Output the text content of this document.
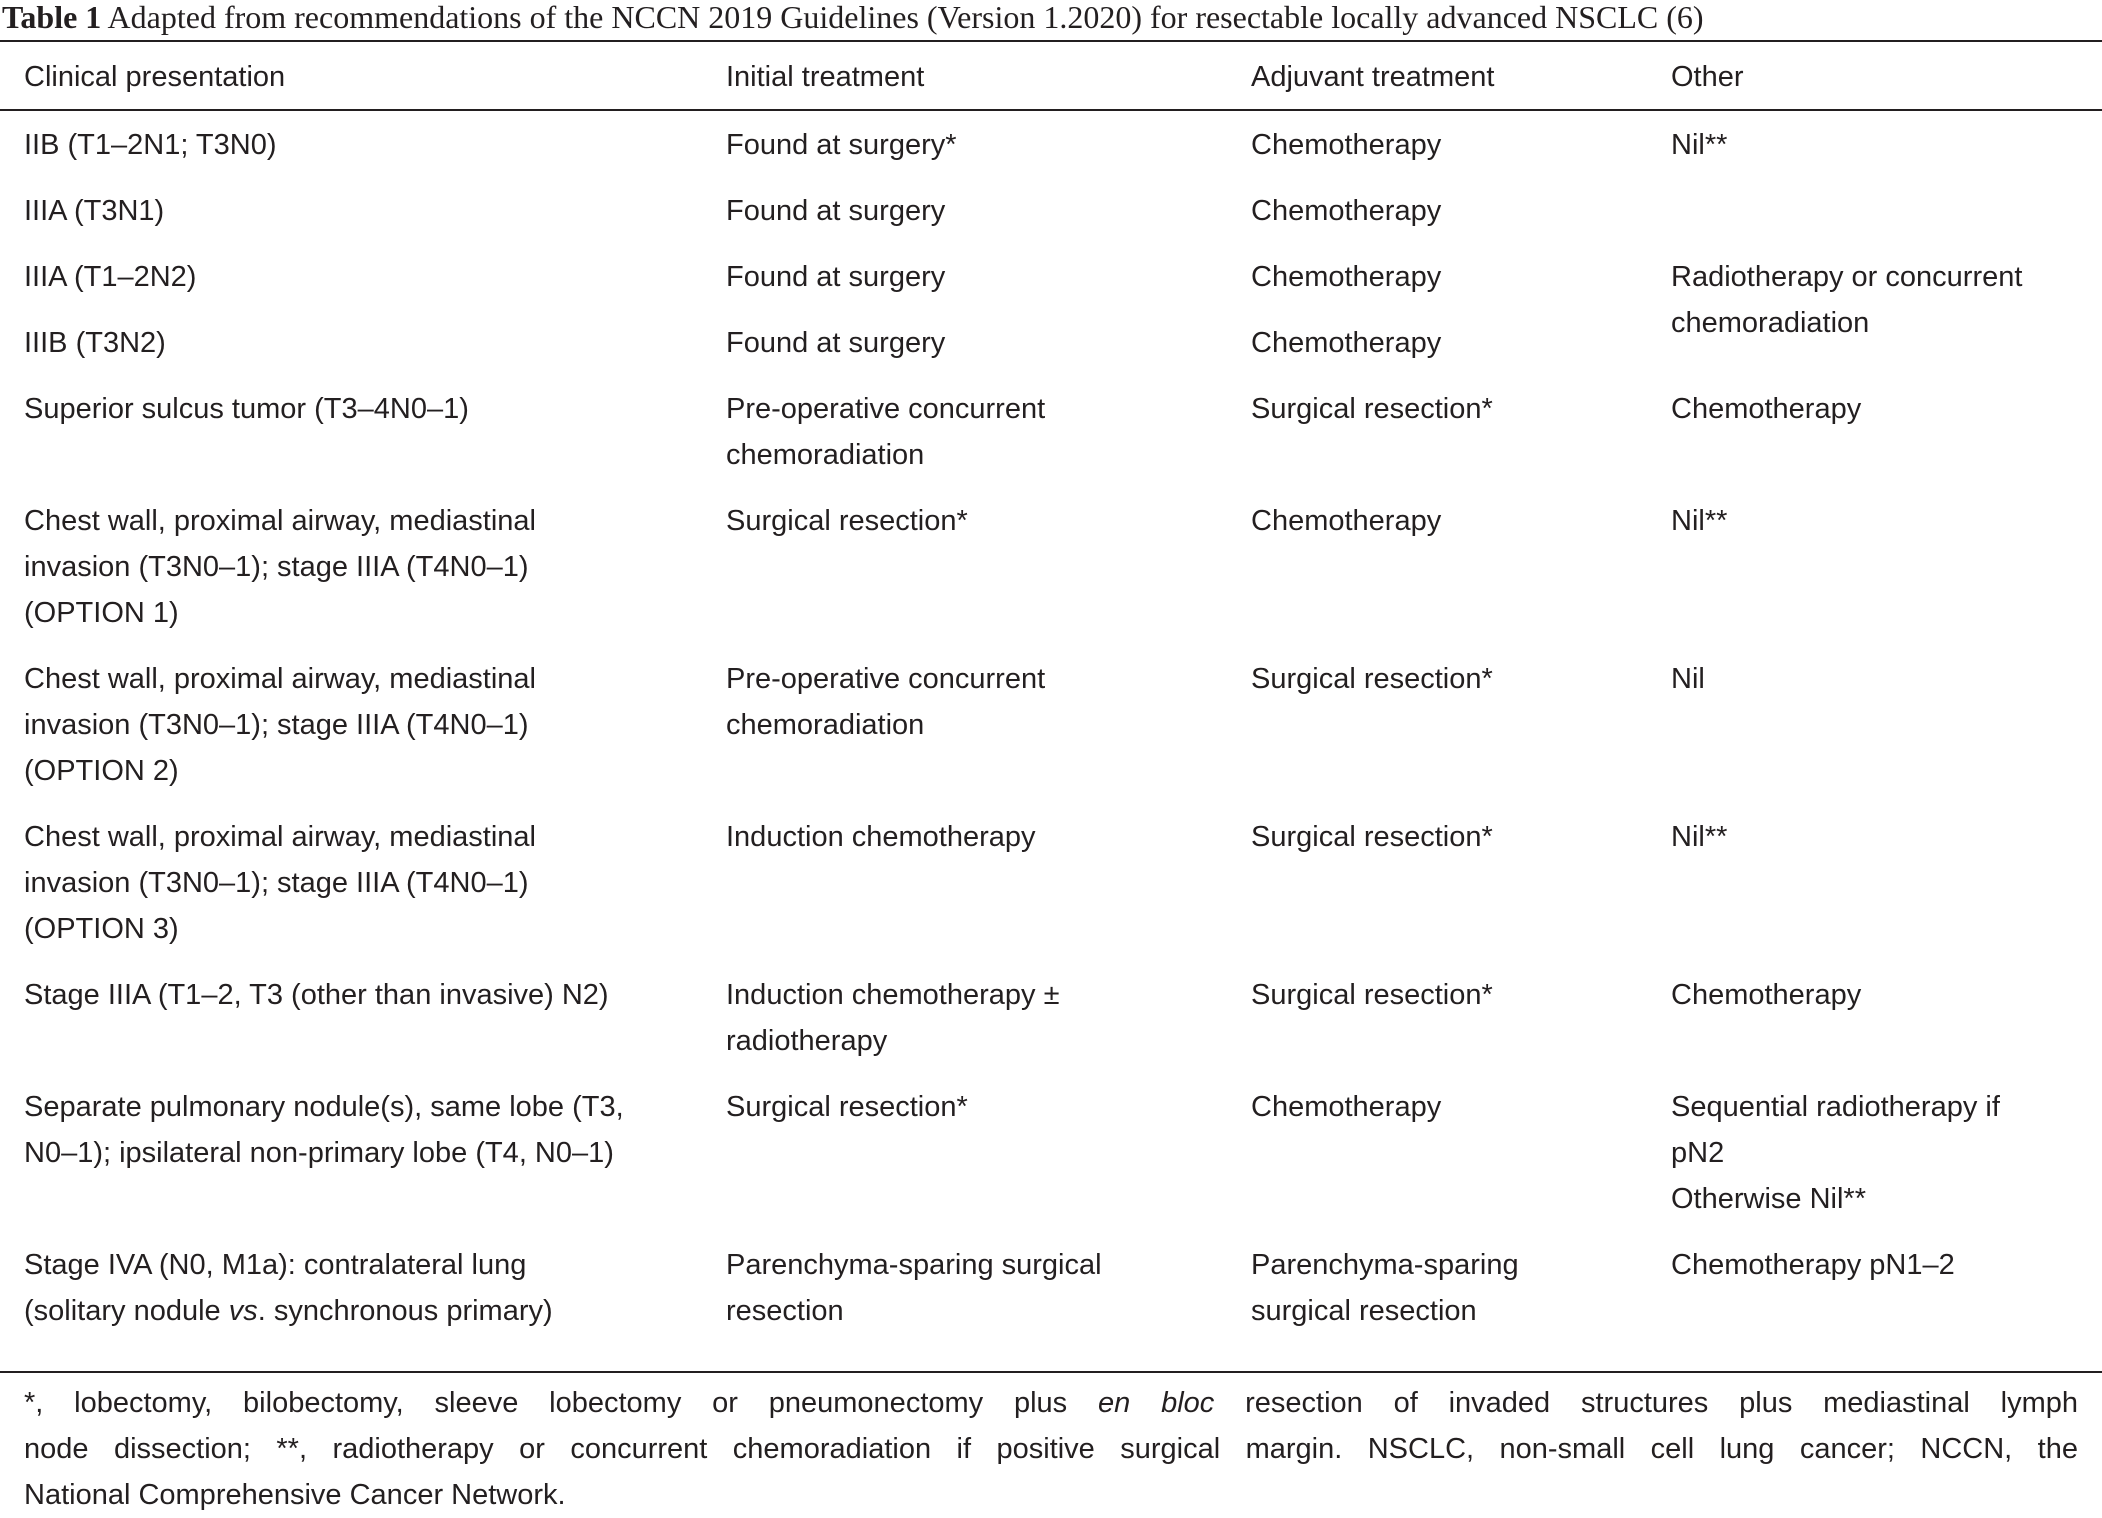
Table 1 Adapted from recommendations of the NCCN 2019 Guidelines (Version 1.2020) for resectable locally advanced NSCLC (6)
Clinical presentation	Initial treatment	Adjuvant treatment	Other
IIB (T1–2N1; T3N0)	Found at surgery*	Chemotherapy	Nil**

IIIA (T3N1)	Found at surgery	Chemotherapy	

IIIA (T1–2N2)	Found at surgery	Chemotherapy	Radiotherapy or concurrent
chemoradiation

IIIB (T3N2)	Found at surgery	Chemotherapy	

Superior sulcus tumor (T3–4N0–1)	Pre-operative concurrent
chemoradiation	Surgical resection*	Chemotherapy

Chest wall, proximal airway, mediastinal
invasion (T3N0–1); stage IIIA (T4N0–1)
(OPTION 1)	Surgical resection*	Chemotherapy	Nil**

Chest wall, proximal airway, mediastinal
invasion (T3N0–1); stage IIIA (T4N0–1)
(OPTION 2)	Pre-operative concurrent
chemoradiation	Surgical resection*	Nil

Chest wall, proximal airway, mediastinal
invasion (T3N0–1); stage IIIA (T4N0–1)
(OPTION 3)	Induction chemotherapy	Surgical resection*	Nil**

Stage IIIA (T1–2, T3 (other than invasive) N2)	Induction chemotherapy ±
radiotherapy	Surgical resection*	Chemotherapy

Separate pulmonary nodule(s), same lobe (T3,
N0–1); ipsilateral non-primary lobe (T4, N0–1)	Surgical resection*	Chemotherapy	Sequential radiotherapy if
pN2
Otherwise Nil**

Stage IVA (N0, M1a): contralateral lung
(solitary nodule vs. synchronous primary)	Parenchyma-sparing surgical
resection	Parenchyma-sparing
surgical resection	Chemotherapy pN1–2
*, lobectomy, bilobectomy, sleeve lobectomy or pneumonectomy plus en bloc resection of invaded structures plus mediastinal lymph
node dissection; **, radiotherapy or concurrent chemoradiation if positive surgical margin. NSCLC, non-small cell lung cancer; NCCN, the
National Comprehensive Cancer Network.
